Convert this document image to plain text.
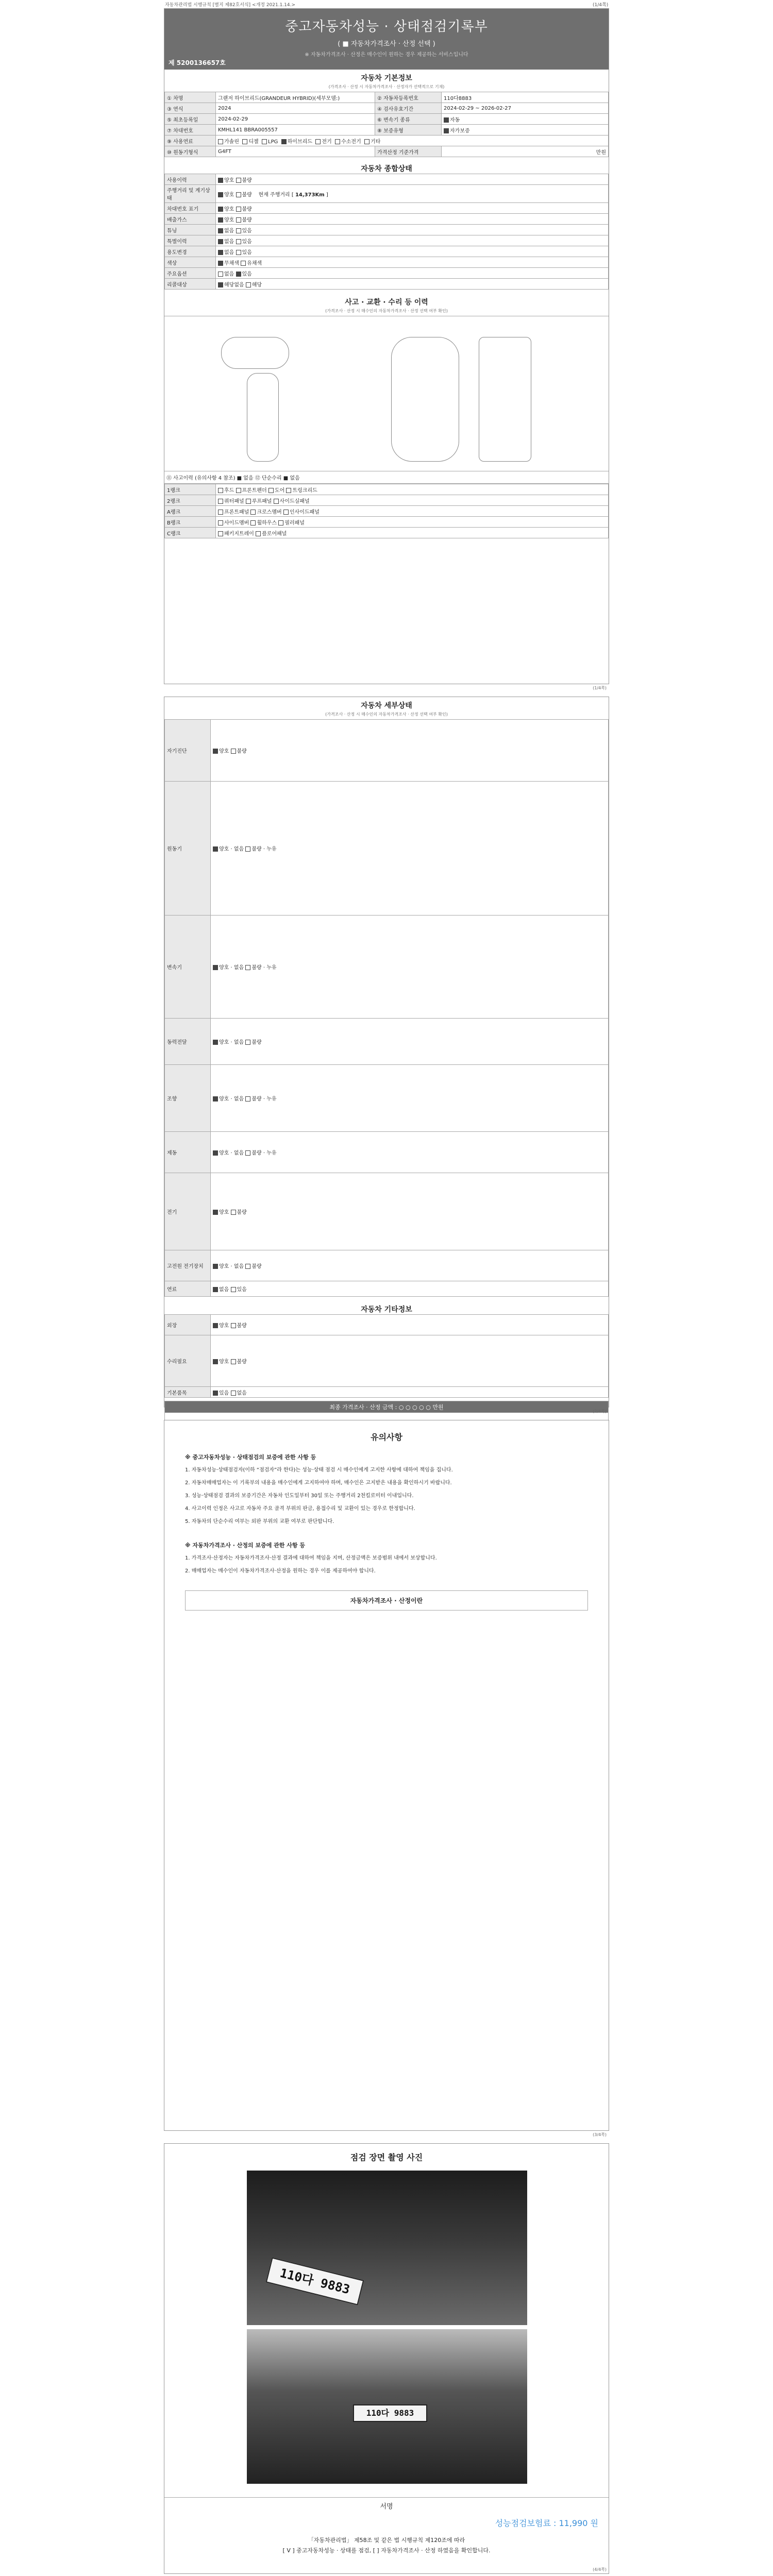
자동차관리법 시행규칙 [별지 제82호서식] <개정 2021.1.14.>	(1/4쪽)
중고자동차성능 · 상태점검기록부
( ■ 자동차가격조사 · 산정 선택 )
※ 자동차가격조사 · 산정은 매수인이 원하는 경우 제공하는 서비스입니다
제 5200136657호
자동차 기본정보
(가격조사 · 산정 시 자동차가격조사 · 산정자가 선택적으로 기재)
① 차명	그랜저 하이브리드(GRANDEUR HYBRID)(세부모델:)	② 자동차등록번호	110다8883
③ 연식	2024	④ 검사유효기간	2024-02-29 ~ 2026-02-27
⑤ 최초등록일	2024-02-29	⑥ 변속기 종류	자동
⑦ 차대번호	KMHL141 BBRA005557	⑧ 보증유형	자가보증
⑨ 사용연료	가솔린 디젤 LPG 하이브리드 전기 수소전기 기타		
⑩ 원동기형식	G4FT	가격산정 기준가격	만원
자동차 종합상태
사용이력	양호 불량
주행거리 및 계기상태	양호 불량    현재 주행거리 [ 14,373Km ]
차대번호 표기	양호 불량
배출가스	양호 불량
튜닝	없음 있음
특별이력	없음 있음
용도변경	없음 있음
색상	무채색 유채색
주요옵션	없음 있음
리콜대상	해당없음 해당
사고 · 교환 · 수리 등 이력
(가격조사 · 산정 시 매수인의 자동차가격조사 · 산정 선택 여부 확인)
⑪ 사고이력 (유의사항 4 참조) ■ 없음 ⑫ 단순수리 ■ 없음
1랭크	후드 프론트펜더 도어 트렁크리드
2랭크	쿼터패널 루프패널 사이드실패널
A랭크	프론트패널 크로스멤버 인사이드패널
B랭크	사이드멤버 휠하우스 필러패널
C랭크	패키지트레이 플로어패널
(1/4쪽)
자동차 세부상태
(가격조사 · 산정 시 매수인의 자동차가격조사 · 산정 선택 여부 확인)
자기진단	양호 불량
원동기	양호 · 없음 불량 · 누유
변속기	양호 · 없음 불량 · 누유
동력전달	양호 · 없음 불량
조향	양호 · 없음 불량 · 누유
제동	양호 · 없음 불량 · 누유
전기	양호 불량
고전원 전기장치	양호 · 없음 불량
연료	없음 있음
자동차 기타정보
외장	양호 불량
수리필요	양호 불량
기본품목	있음 없음
최종 가격조사 · 산정 금액 : ○ ○ ○ ○ ○ 만원
(2/4쪽)
유의사항
※ 중고자동차성능 · 상태점검의 보증에 관한 사항 등

1. 자동차성능·상태점검자(이하 “점검자”라 한다)는 성능·상태 점검 시 매수인에게 고지한 사항에 대하여 책임을 집니다.

2. 자동차매매업자는 이 기록부의 내용을 매수인에게 고지하여야 하며, 매수인은 고지받은 내용을 확인하시기 바랍니다.

3. 성능·상태점검 결과의 보증기간은 자동차 인도일부터 30일 또는 주행거리 2천킬로미터 이내입니다.

4. 사고이력 인정은 사고로 자동차 주요 골격 부위의 판금, 용접수리 및 교환이 있는 경우로 한정합니다.

5. 자동차의 단순수리 여부는 외판 부위의 교환 여부로 판단합니다.

※ 자동차가격조사 · 산정의 보증에 관한 사항 등

1. 가격조사·산정자는 자동차가격조사·산정 결과에 대하여 책임을 지며, 산정금액은 보증범위 내에서 보상합니다.

2. 매매업자는 매수인이 자동차가격조사·산정을 원하는 경우 이를 제공하여야 합니다.

자동차가격조사 · 산정이란
(3/4쪽)
점검 장면 촬영 사진
110다 9883
110다 9883
서명
성능점검보험료 : 11,990 원
「자동차관리법」 제58조 및 같은 법 시행규칙 제120조에 따라
[ V ] 중고자동차성능 · 상태를 점검, [ ] 자동차가격조사 · 산정 하였음을 확인합니다.
(4/4쪽)
